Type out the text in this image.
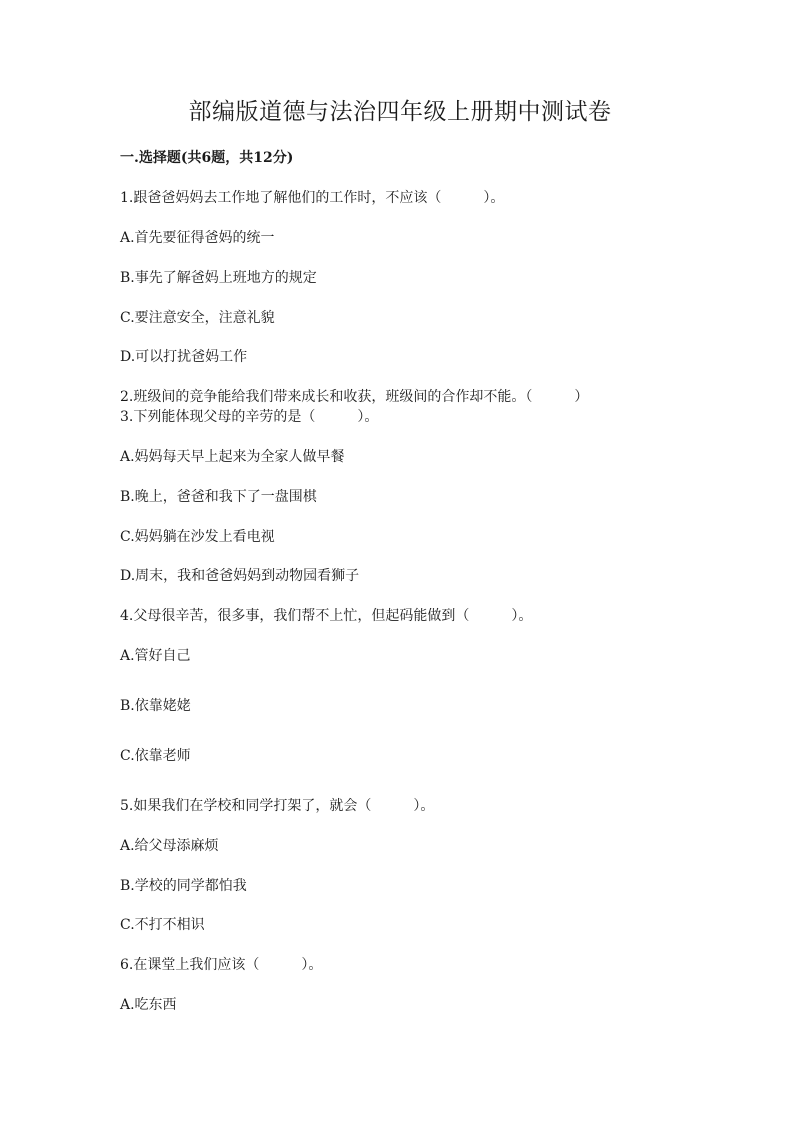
部编版道德与法治四年级上册期中测试卷

一.选择题(共6题，共12分)

1.跟爸爸妈妈去工作地了解他们的工作时，不应该（　　　）。

A.首先要征得爸妈的统一

B.事先了解爸妈上班地方的规定

C.要注意安全，注意礼貌

D.可以打扰爸妈工作

2.班级间的竞争能给我们带来成长和收获，班级间的合作却不能。（　　　）

3.下列能体现父母的辛劳的是（　　　）。

A.妈妈每天早上起来为全家人做早餐

B.晚上，爸爸和我下了一盘围棋

C.妈妈躺在沙发上看电视

D.周末，我和爸爸妈妈到动物园看狮子

4.父母很辛苦，很多事，我们帮不上忙，但起码能做到（　　　）。

A.管好自己

B.依靠姥姥

C.依靠老师

5.如果我们在学校和同学打架了，就会（　　　）。

A.给父母添麻烦

B.学校的同学都怕我

C.不打不相识

6.在课堂上我们应该（　　　）。

A.吃东西
